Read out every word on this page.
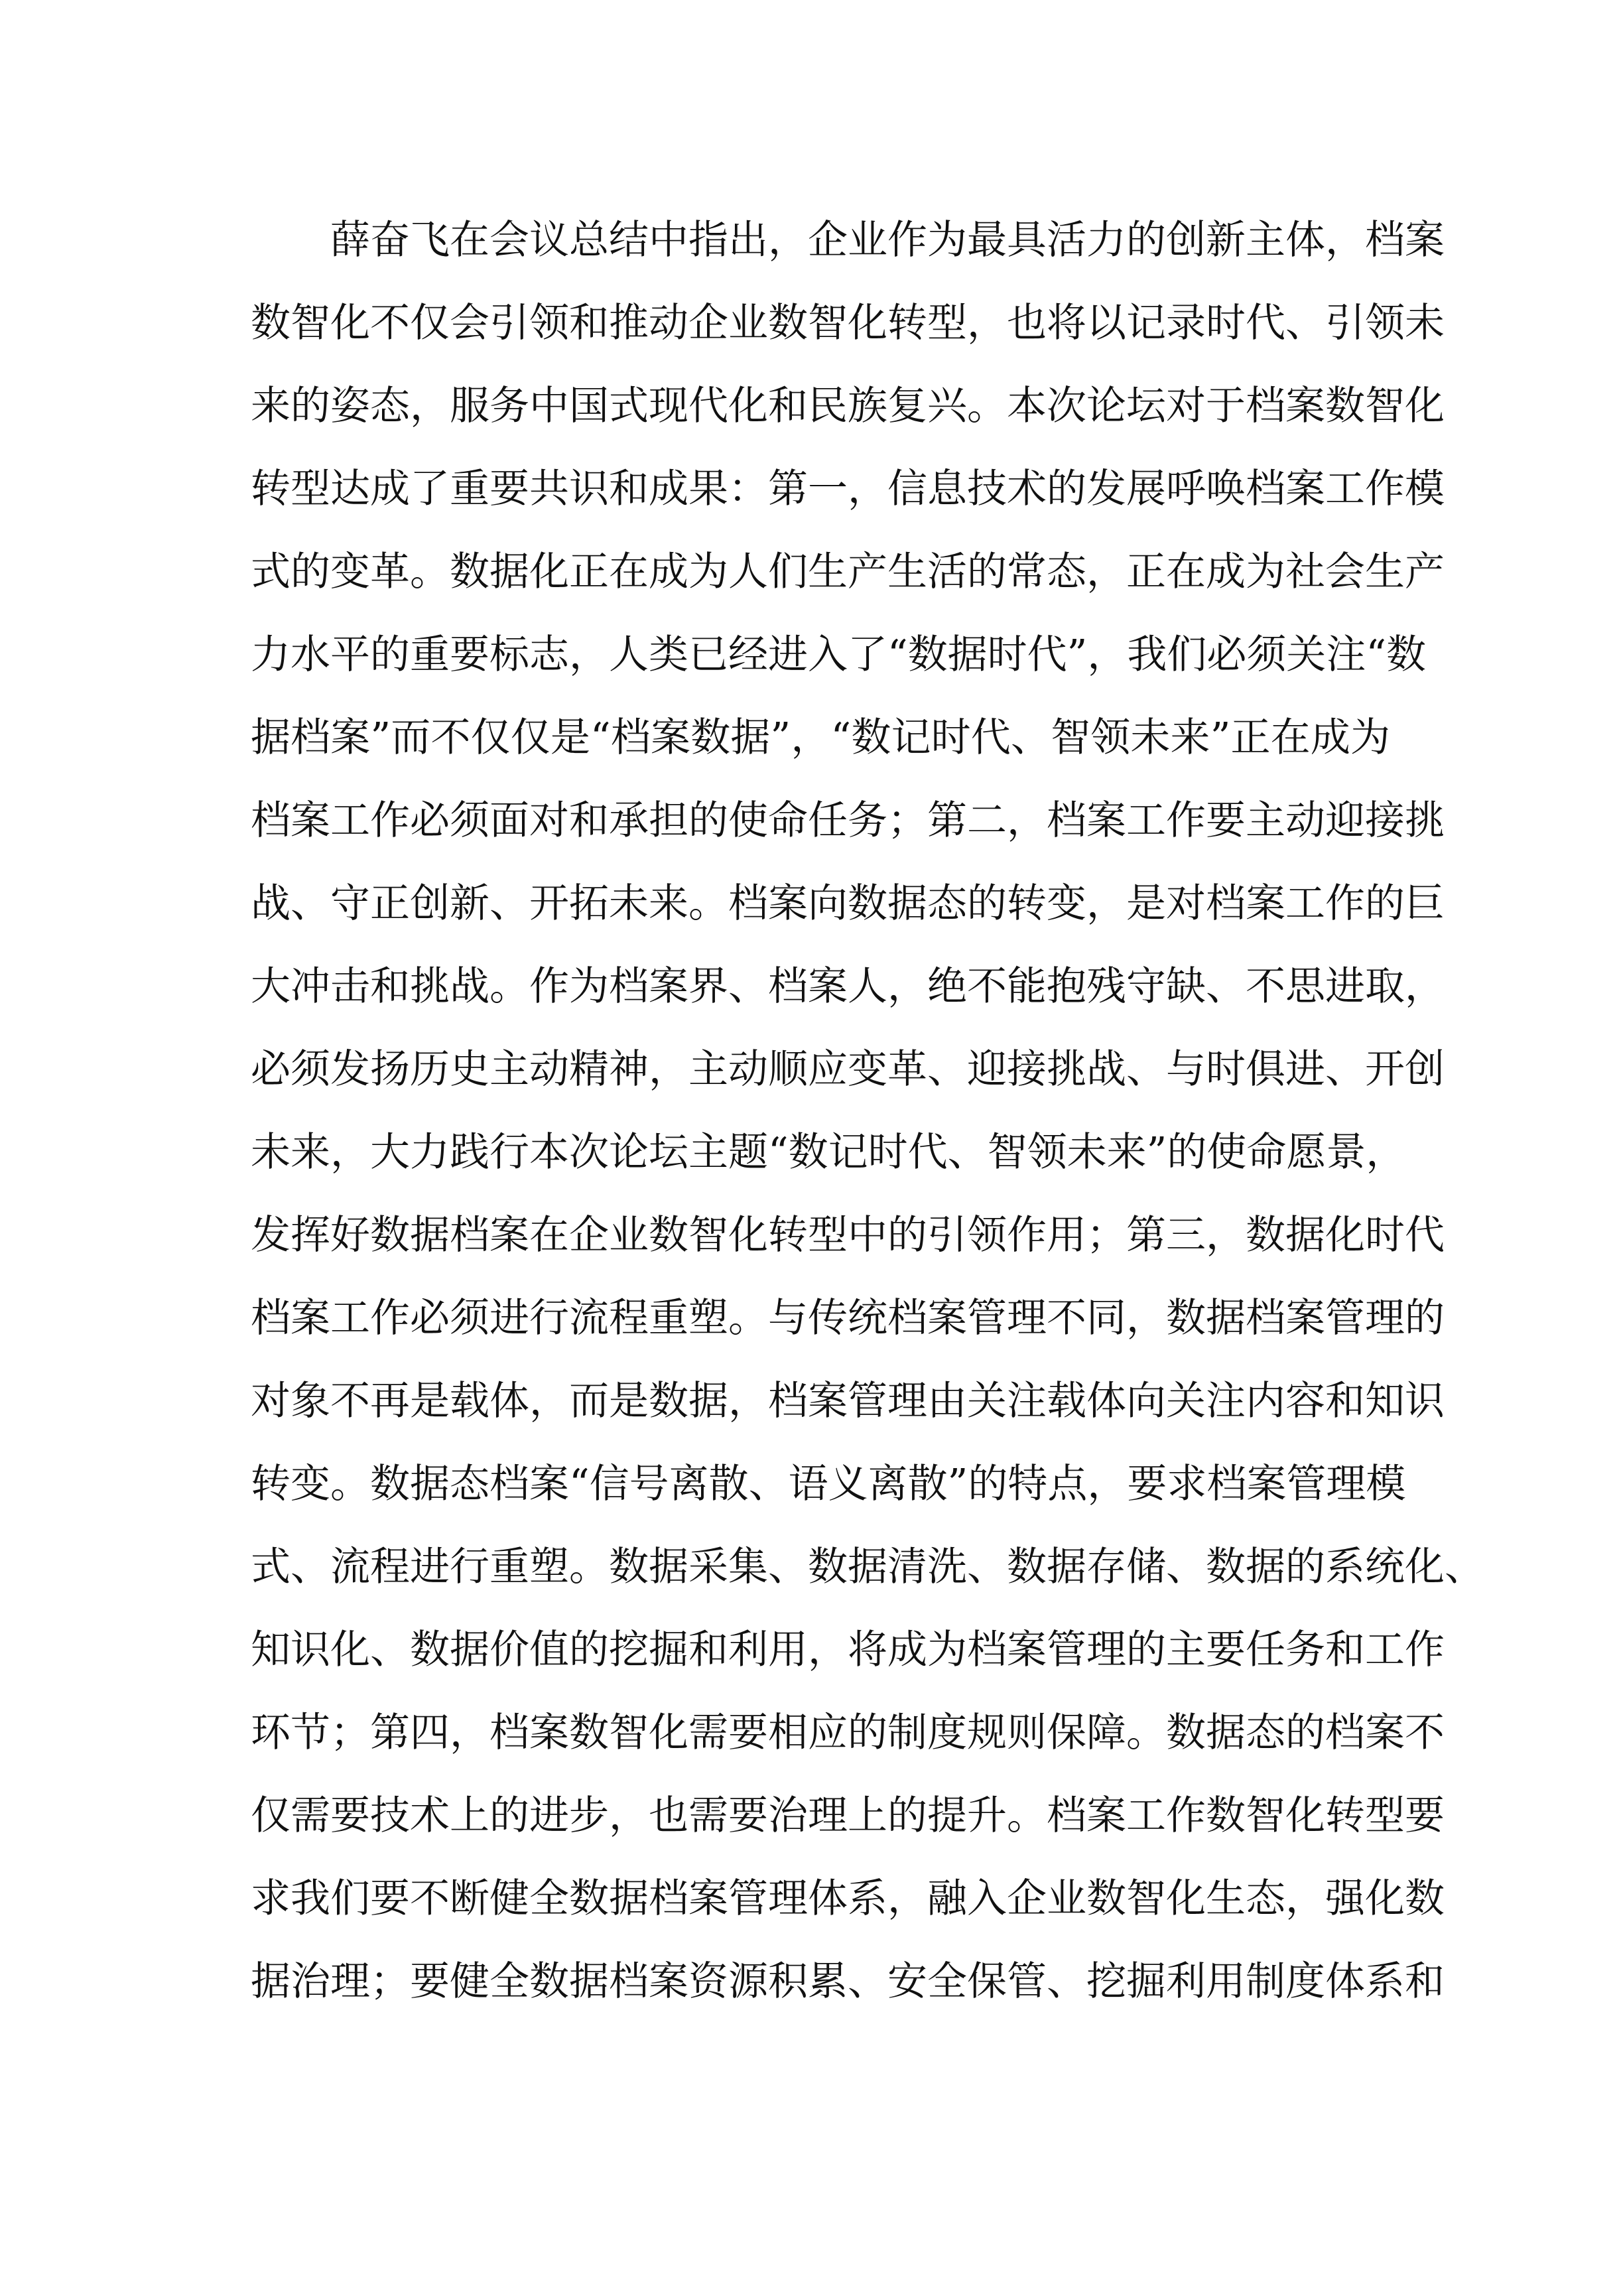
薛奋飞在会议总结中指出，企业作为最具活力的创新主体，档案
数智化不仅会引领和推动企业数智化转型，也将以记录时代、引领未
来的姿态，服务中国式现代化和民族复兴。本次论坛对于档案数智化
转型达成了重要共识和成果：第一，信息技术的发展呼唤档案工作模
式的变革。数据化正在成为人们生产生活的常态，正在成为社会生产
力水平的重要标志，人类已经进入了“数据时代”，我们必须关注“数
据档案”而不仅仅是“档案数据”，“数记时代、智领未来”正在成为
档案工作必须面对和承担的使命任务；第二，档案工作要主动迎接挑
战、守正创新、开拓未来。档案向数据态的转变，是对档案工作的巨
大冲击和挑战。作为档案界、档案人，绝不能抱残守缺、不思进取，
必须发扬历史主动精神，主动顺应变革、迎接挑战、与时俱进、开创
未来，大力践行本次论坛主题“数记时代、智领未来”的使命愿景，
发挥好数据档案在企业数智化转型中的引领作用；第三，数据化时代
档案工作必须进行流程重塑。与传统档案管理不同，数据档案管理的
对象不再是载体，而是数据，档案管理由关注载体向关注内容和知识
转变。数据态档案“信号离散、语义离散”的特点，要求档案管理模
式、流程进行重塑。数据采集、数据清洗、数据存储、数据的系统化、
知识化、数据价值的挖掘和利用，将成为档案管理的主要任务和工作
环节；第四，档案数智化需要相应的制度规则保障。数据态的档案不
仅需要技术上的进步，也需要治理上的提升。档案工作数智化转型要
求我们要不断健全数据档案管理体系，融入企业数智化生态，强化数
据治理；要健全数据档案资源积累、安全保管、挖掘利用制度体系和
